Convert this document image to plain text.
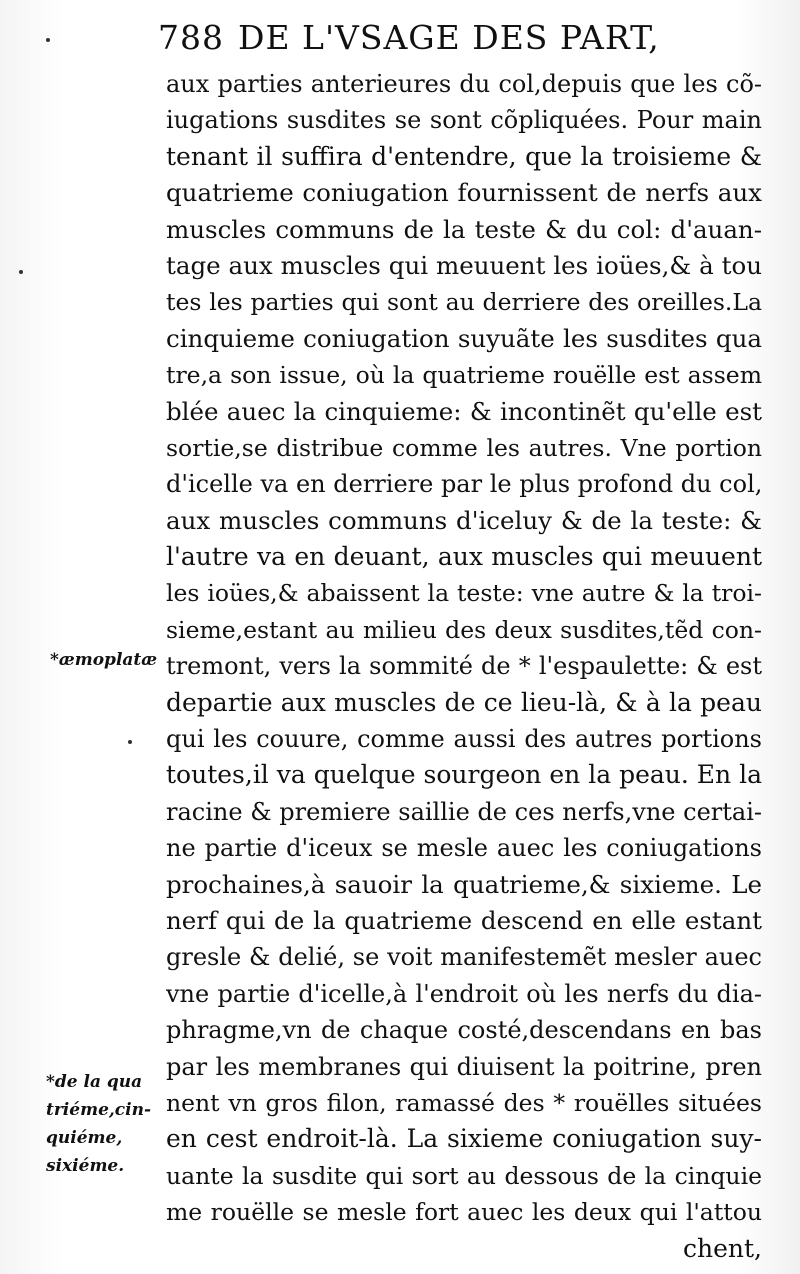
788 DE L'VSAGE DES PART,
aux parties anterieures du col,depuis que les cõ-
iugations susdites se sont cõpliquées. Pour main
tenant il suffira d'entendre, que la troisieme &
quatrieme coniugation fournissent de nerfs aux
muscles communs de la teste & du col: d'auan-
tage aux muscles qui meuuent les ioües,& à tou
tes les parties qui sont au derriere des oreilles.La
cinquieme coniugation suyuãte les susdites qua
tre,a son issue, où la quatrieme rouëlle est assem
blée auec la cinquieme: & incontinẽt qu'elle est
sortie,se distribue comme les autres. Vne portion
d'icelle va en derriere par le plus profond du col,
aux muscles communs d'iceluy & de la teste: &
l'autre va en deuant, aux muscles qui meuuent
les ioües,& abaissent la teste: vne autre & la troi-
sieme,estant au milieu des deux susdites,tẽd con-
tremont, vers la sommité de * l'espaulette: & est
departie aux muscles de ce lieu-là, & à la peau
qui les couure, comme aussi des autres portions
toutes,il va quelque sourgeon en la peau. En la
racine & premiere saillie de ces nerfs,vne certai-
ne partie d'iceux se mesle auec les coniugations
prochaines,à sauoir la quatrieme,& sixieme. Le
nerf qui de la quatrieme descend en elle estant
gresle & delié, se voit manifestemẽt mesler auec
vne partie d'icelle,à l'endroit où les nerfs du dia-
phragme,vn de chaque costé,descendans en bas
par les membranes qui diuisent la poitrine, pren
nent vn gros filon, ramassé des * rouëlles situées
en cest endroit-là. La sixieme coniugation suy-
uante la susdite qui sort au dessous de la cinquie
me rouëlle se mesle fort auec les deux qui l'attou
chent,
*æmoplatæ
*de la qua
triéme,cin-
quiéme,
sixiéme.
